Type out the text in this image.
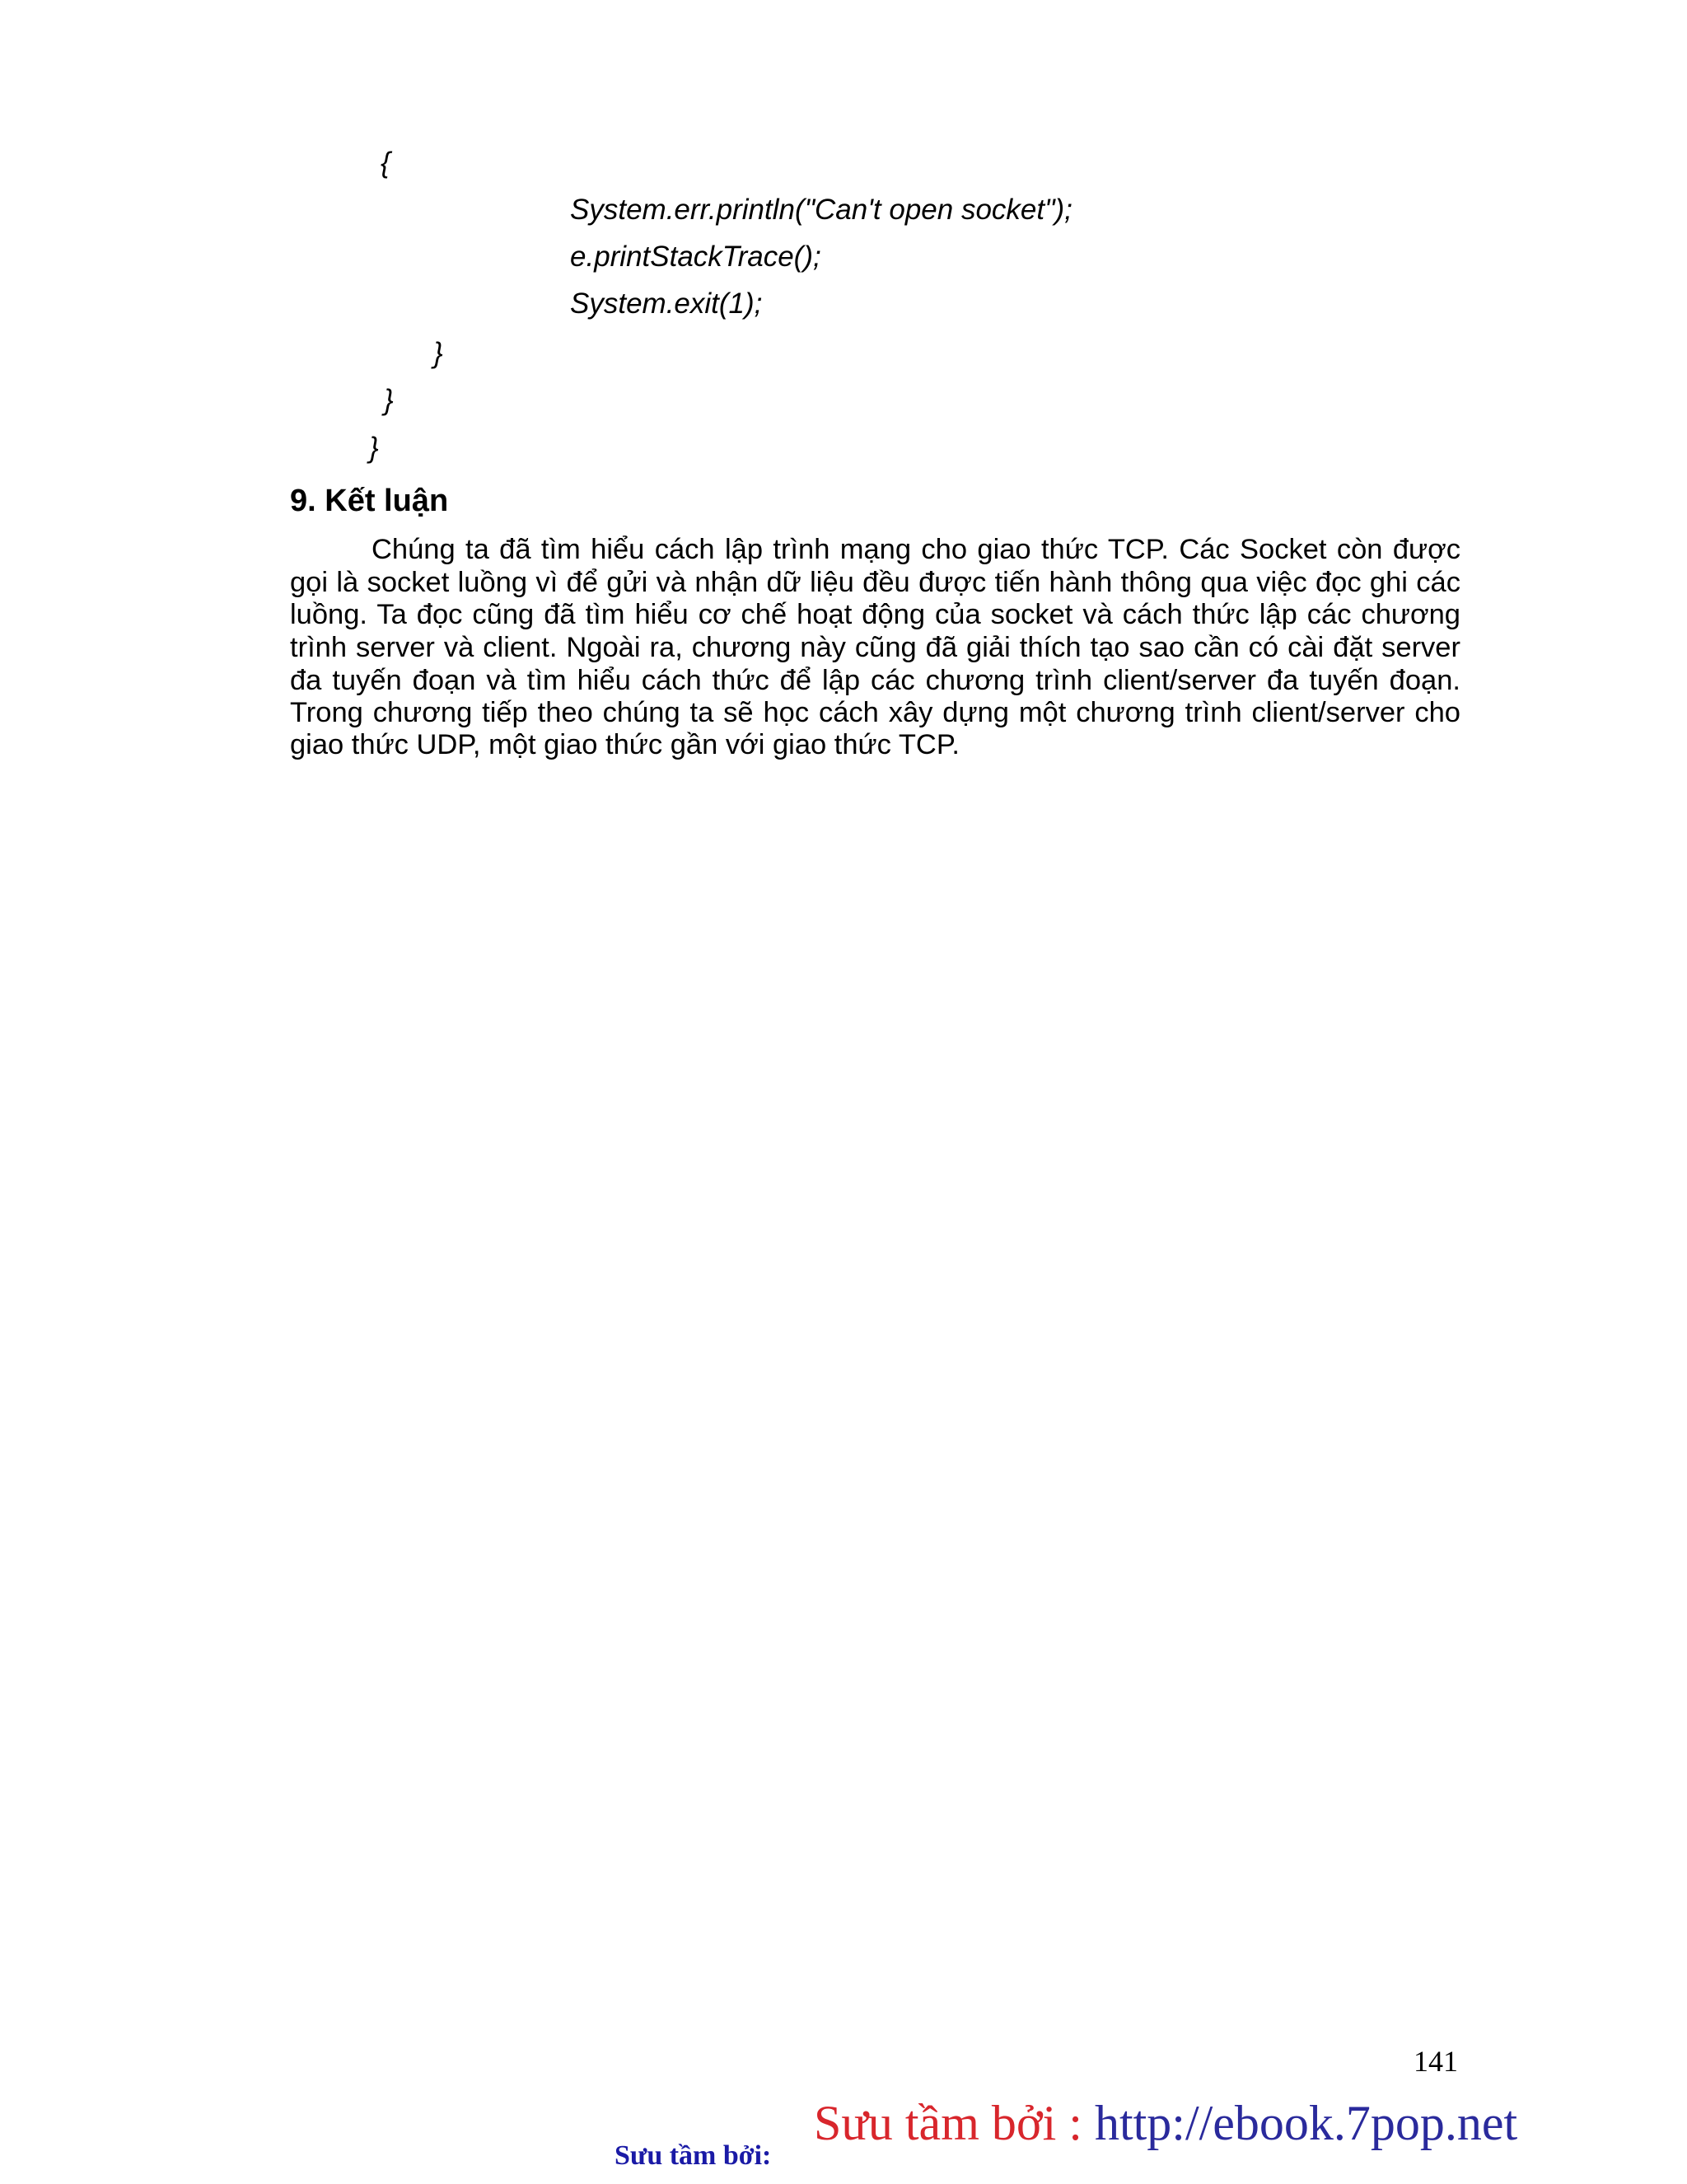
{
System.err.println("Can't open socket");
e.printStackTrace();
System.exit(1);
}
}
}
9. Kết luận
Chúng ta đã tìm hiểu cách lập trình mạng cho giao thức TCP. Các Socket còn được
gọi là socket luồng vì để gửi và nhận dữ liệu đều được tiến hành thông qua việc đọc ghi các
luồng. Ta đọc cũng đã tìm hiểu cơ chế hoạt động của socket và cách thức lập các chương
trình server và client. Ngoài ra, chương này cũng đã giải thích tạo sao cần có cài đặt server
đa tuyến đoạn và tìm hiểu cách thức để lập các chương trình client/server đa tuyến đoạn.
Trong chương tiếp theo chúng ta sẽ học cách xây dựng một chương trình client/server cho
giao thức UDP, một giao thức gần với giao thức TCP.
141
Sưu tầm bởi : http://ebook.7pop.net
Sưu tầm bởi:
